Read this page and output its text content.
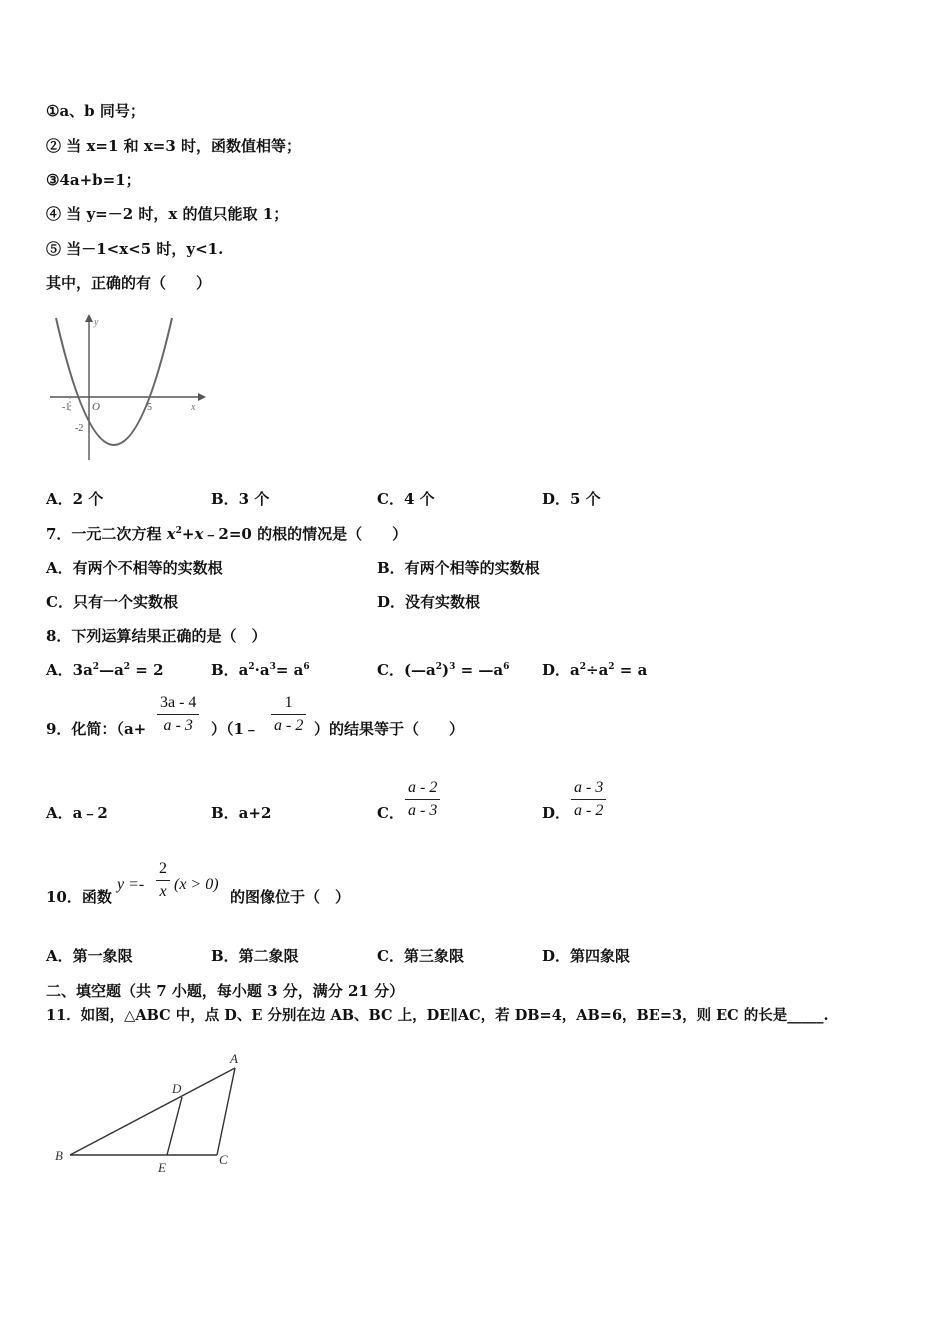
①a、b 同号；
② 当 x=1 和 x=3 时，函数值相等；
③4a+b=1；
④ 当 y=－2 时，x 的值只能取 1；
⑤ 当－1<x<5 时，y<1.
其中，正确的有（　　）
y
x
O
-1	5
-2
A．2 个	B．3 个	C．4 个	D．5 个
7．一元二次方程 $x^2+x﹣2=0$ 的根的情况是（　　）
A．有两个不相等的实数根	B．有两个相等的实数根
C．只有一个实数根	D．没有实数根
8．下列运算结果正确的是（　）
A．$3a^2—a^2 = 2$	B．$a^2\cdot a^3= a^6$	C．$(—a^2)^3$ = $—a^6$ D．$a^2\div a^2 = a$
9．化简：（$a+ \frac{3a - 4}{a - 3}$ ）（1﹣ $\frac{1}{a - 2}$ ）的结果等于（　　）
A．a﹣2	B．a+2	C． $\frac{a - 2}{a - 3}$	D． $\frac{a - 3}{a - 2}$
10．函数
$y =- \frac{2}{x} (x > 0)$
的图像位于（　）
A．第一象限	B．第二象限	C．第三象限	D．第四象限
二、填空题（共 7 小题，每小题 3 分，满分 21 分）
11．如图，△ABC 中，点 D、E 分别在边 AB、BC 上，DE∥AC，若 DB=4，AB=6，BE=3，则 EC 的长是_____.
A
B	C
D
E
